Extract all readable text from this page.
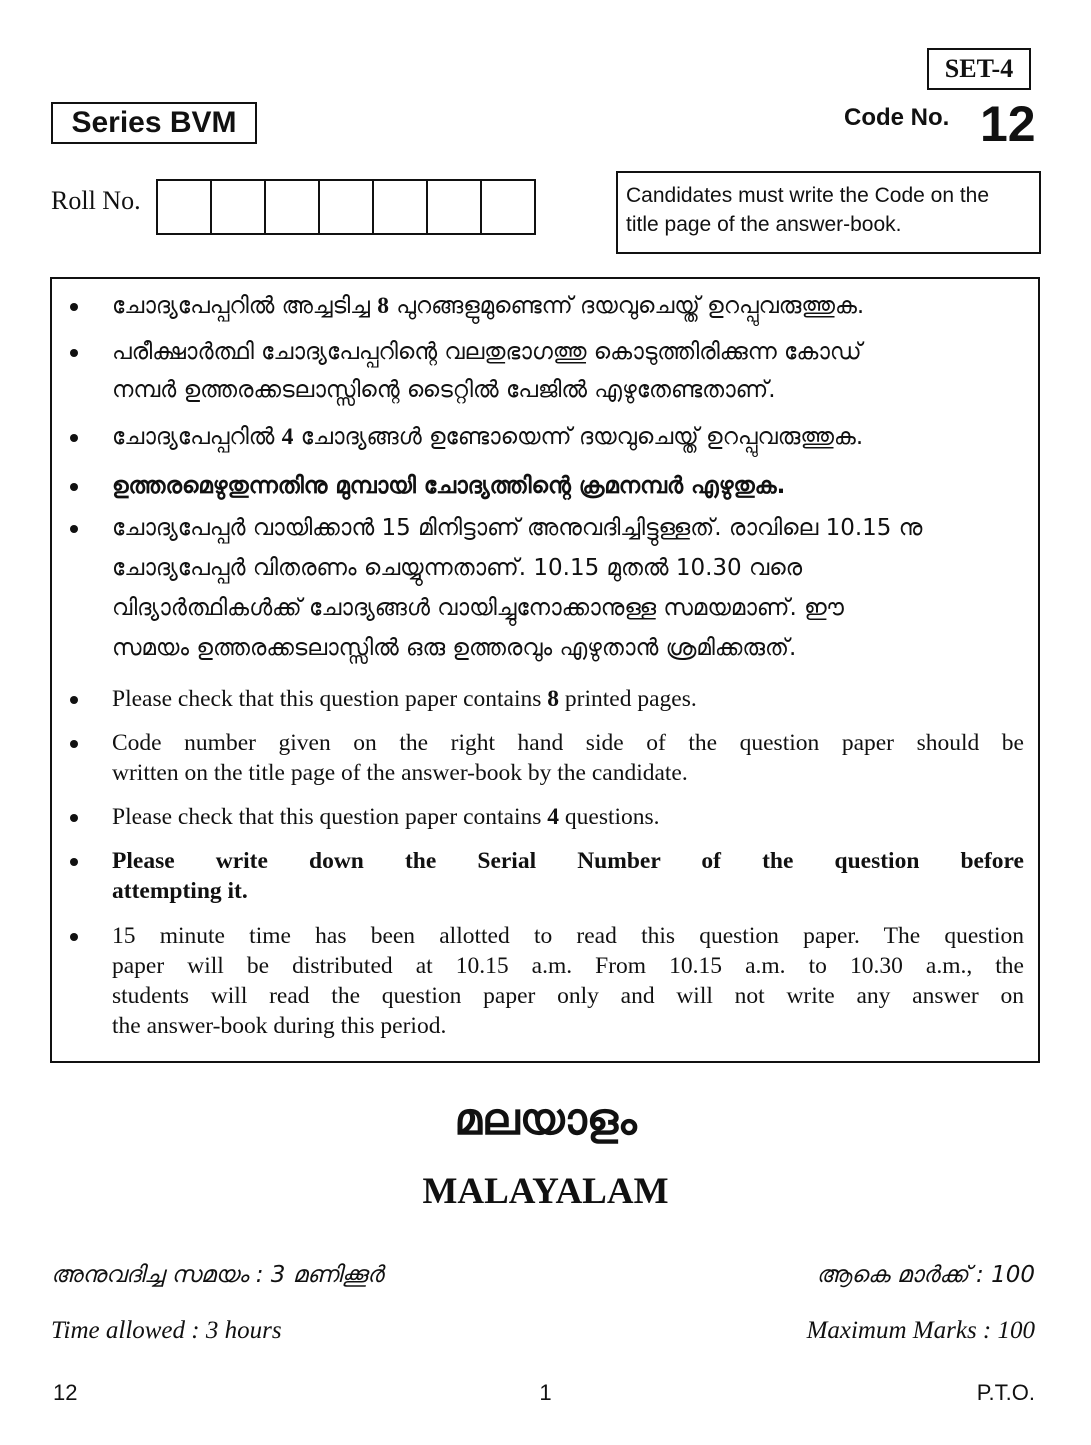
SET-4
Series BVM	Code No. 12
Roll No.	Candidates must write the Code on the
title page of the answer-book.
ചോദ്യപേപ്പറിൽ അച്ചടിച്ച 8 പുറങ്ങളുമുണ്ടെന്ന് ദയവുചെയ്ത് ഉറപ്പുവരുത്തുക.
പരീക്ഷാർത്ഥി ചോദ്യപേപ്പറിന്റെ വലതുഭാഗത്തു കൊടുത്തിരിക്കുന്ന കോഡ്
നമ്പർ ഉത്തരക്കടലാസ്സിന്റെ ടൈറ്റിൽ പേജിൽ എഴുതേണ്ടതാണ്.
ചോദ്യപേപ്പറിൽ 4 ചോദ്യങ്ങൾ ഉണ്ടോയെന്ന് ദയവുചെയ്ത് ഉറപ്പുവരുത്തുക.
ഉത്തരമെഴുതുന്നതിനു മുമ്പായി ചോദ്യത്തിന്റെ ക്രമനമ്പർ എഴുതുക.
ചോദ്യപേപ്പർ വായിക്കാൻ 15 മിനിട്ടാണ് അനുവദിച്ചിട്ടുള്ളത്. രാവിലെ 10.15 നു
ചോദ്യപേപ്പർ വിതരണം ചെയ്യുന്നതാണ്. 10.15 മുതൽ 10.30 വരെ
വിദ്യാർത്ഥികൾക്ക് ചോദ്യങ്ങൾ വായിച്ചുനോക്കാനുള്ള സമയമാണ്. ഈ
സമയം ഉത്തരക്കടലാസ്സിൽ ഒരു ഉത്തരവും എഴുതാൻ ശ്രമിക്കരുത്.
Please check that this question paper contains 8 printed pages.
Code number given on the right hand side of the question paper should be
written on the title page of the answer-book by the candidate.
Please check that this question paper contains 4 questions.
Please write down the Serial Number of the question before
attempting it.
15 minute time has been allotted to read this question paper. The question
paper will be distributed at 10.15 a.m. From 10.15 a.m. to 10.30 a.m., the
students will read the question paper only and will not write any answer on
the answer-book during this period.
മലയാളം
MALAYALAM
അനുവദിച്ച സമയം : 3 മണിക്കൂർ	ആകെ മാർക്ക് : 100
Time allowed : 3 hours	Maximum Marks : 100
12	1	P.T.O.
